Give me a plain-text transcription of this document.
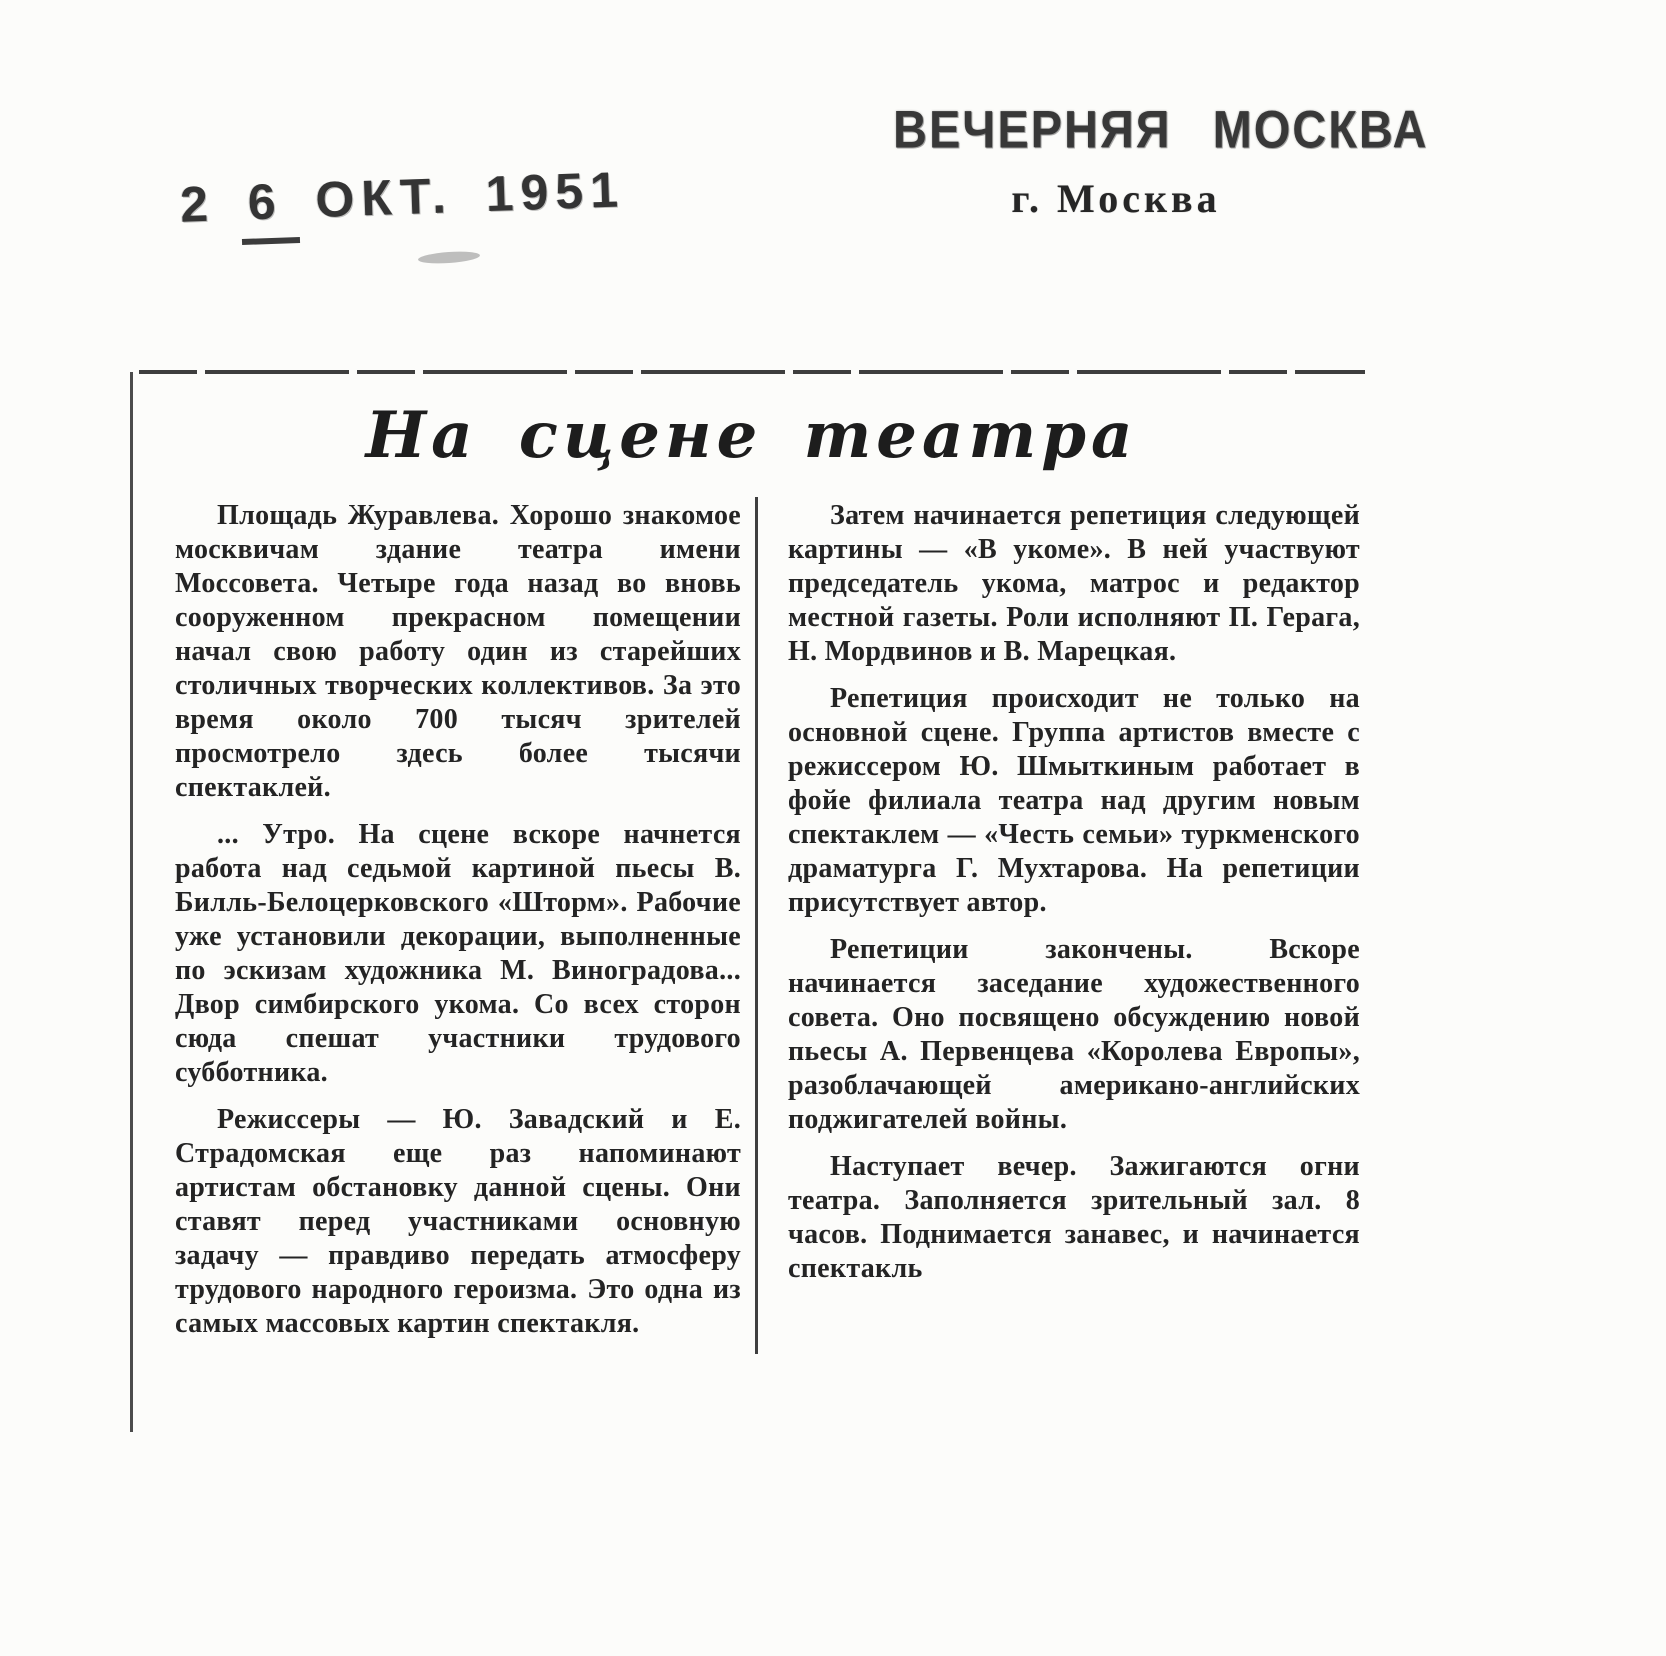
2 6 ОКТ. 1951
ВЕЧЕРНЯЯ МОСКВА
г. Москва
На сцене театра

Площадь Журавлева. Хорошо знакомое москвичам здание театра имени Моссовета. Четыре года назад во вновь сооруженном прекрасном помещении начал свою работу один из старейших столичных творческих коллективов. За это время около 700 тысяч зрителей просмотрело здесь более тысячи спектаклей.

... Утро. На сцене вскоре начнется работа над седьмой картиной пьесы В. Билль-Белоцерковского «Шторм». Рабочие уже установили декорации, выполненные по эскизам художника М. Виноградова... Двор симбирского укома. Со всех сторон сюда спешат участники трудового субботника.

Режиссеры — Ю. Завадский и Е. Страдомская еще раз напоминают артистам обстановку данной сцены. Они ставят перед участниками основную задачу — правдиво передать атмосферу трудового народного героизма. Это одна из самых массовых картин спектакля.

Затем начинается репетиция следующей картины — «В укоме». В ней участвуют председатель укома, матрос и редактор местной газеты. Роли исполняют П. Герага, Н. Мордвинов и В. Марецкая.

Репетиция происходит не только на основной сцене. Группа артистов вместе с режиссером Ю. Шмыткиным работает в фойе филиала театра над другим новым спектаклем — «Честь семьи» туркменского драматурга Г. Мухтарова. На репетиции присутствует автор.

Репетиции закончены. Вскоре начинается заседание художественного совета. Оно посвящено обсуждению новой пьесы А. Первенцева «Королева Европы», разоблачающей американо-английских поджигателей войны.

Наступает вечер. Зажигаются огни театра. Заполняется зрительный зал. 8 часов. Поднимается занавес, и начинается спектакль
